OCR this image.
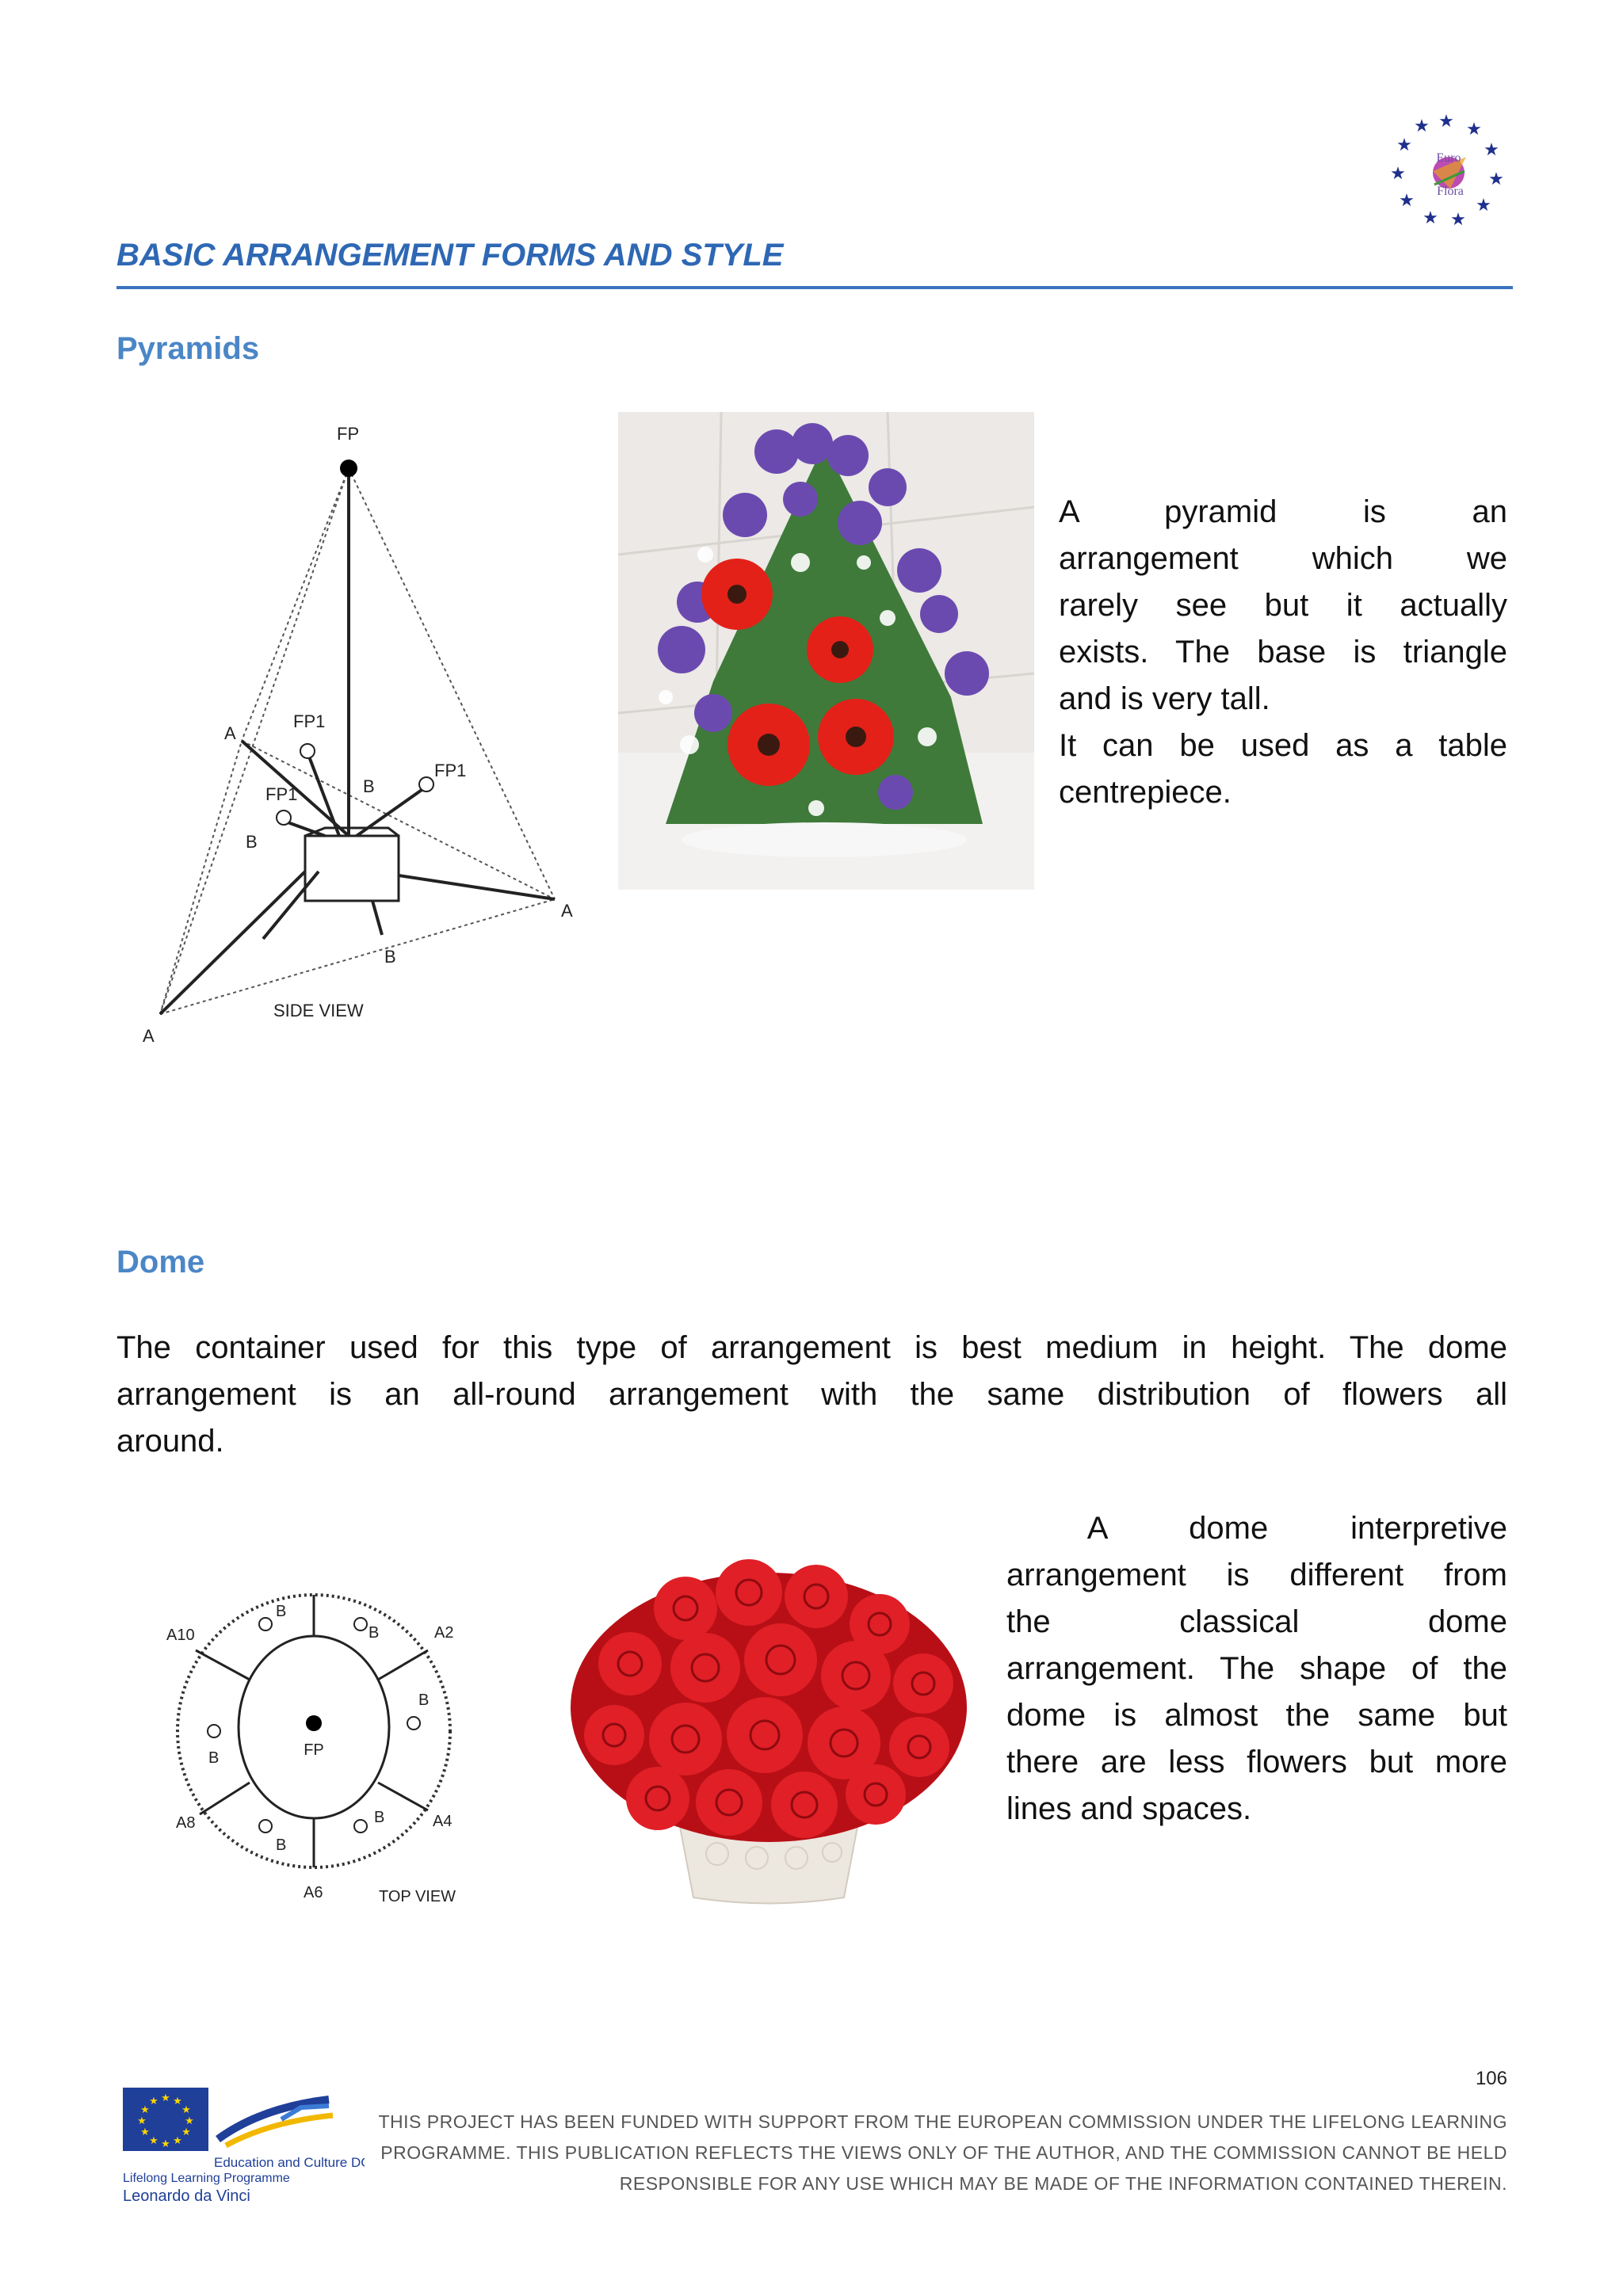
★ ★
★
★
★
★
★
★
★
★
★
Euro
Flora
BASIC ARRANGEMENT FORMS AND STYLE
Pyramids
FP
FP1
FP1
FP1
A
A
A
B
B
B
SIDE VIEW
A pyramid is an
arrangement which we
rarely see but it actually
exists. The base is triangle
and is very tall.
It can be used as a table
centrepiece.
Dome
The container used for this type of arrangement is best medium in height. The dome
arrangement is an all-round arrangement with the same distribution of flowers all
around.
FP
A10	A2
A4
A8
A6
B
B
B
B
B
B
TOP VIEW
A dome interpretive
arrangement is different from
the classical dome
arrangement. The shape of the
dome is almost the same but
there are less flowers but more
lines and spaces.
106
★ ★
★
★
★
★
★
★
★
★
★
★
Education and Culture DG
Lifelong Learning Programme
Leonardo da Vinci
THIS PROJECT HAS BEEN FUNDED WITH SUPPORT FROM THE EUROPEAN COMMISSION UNDER THE LIFELONG LEARNING
PROGRAMME. THIS PUBLICATION REFLECTS THE VIEWS ONLY OF THE AUTHOR, AND THE COMMISSION CANNOT BE HELD
RESPONSIBLE FOR ANY USE WHICH MAY BE MADE OF THE INFORMATION CONTAINED THEREIN.
